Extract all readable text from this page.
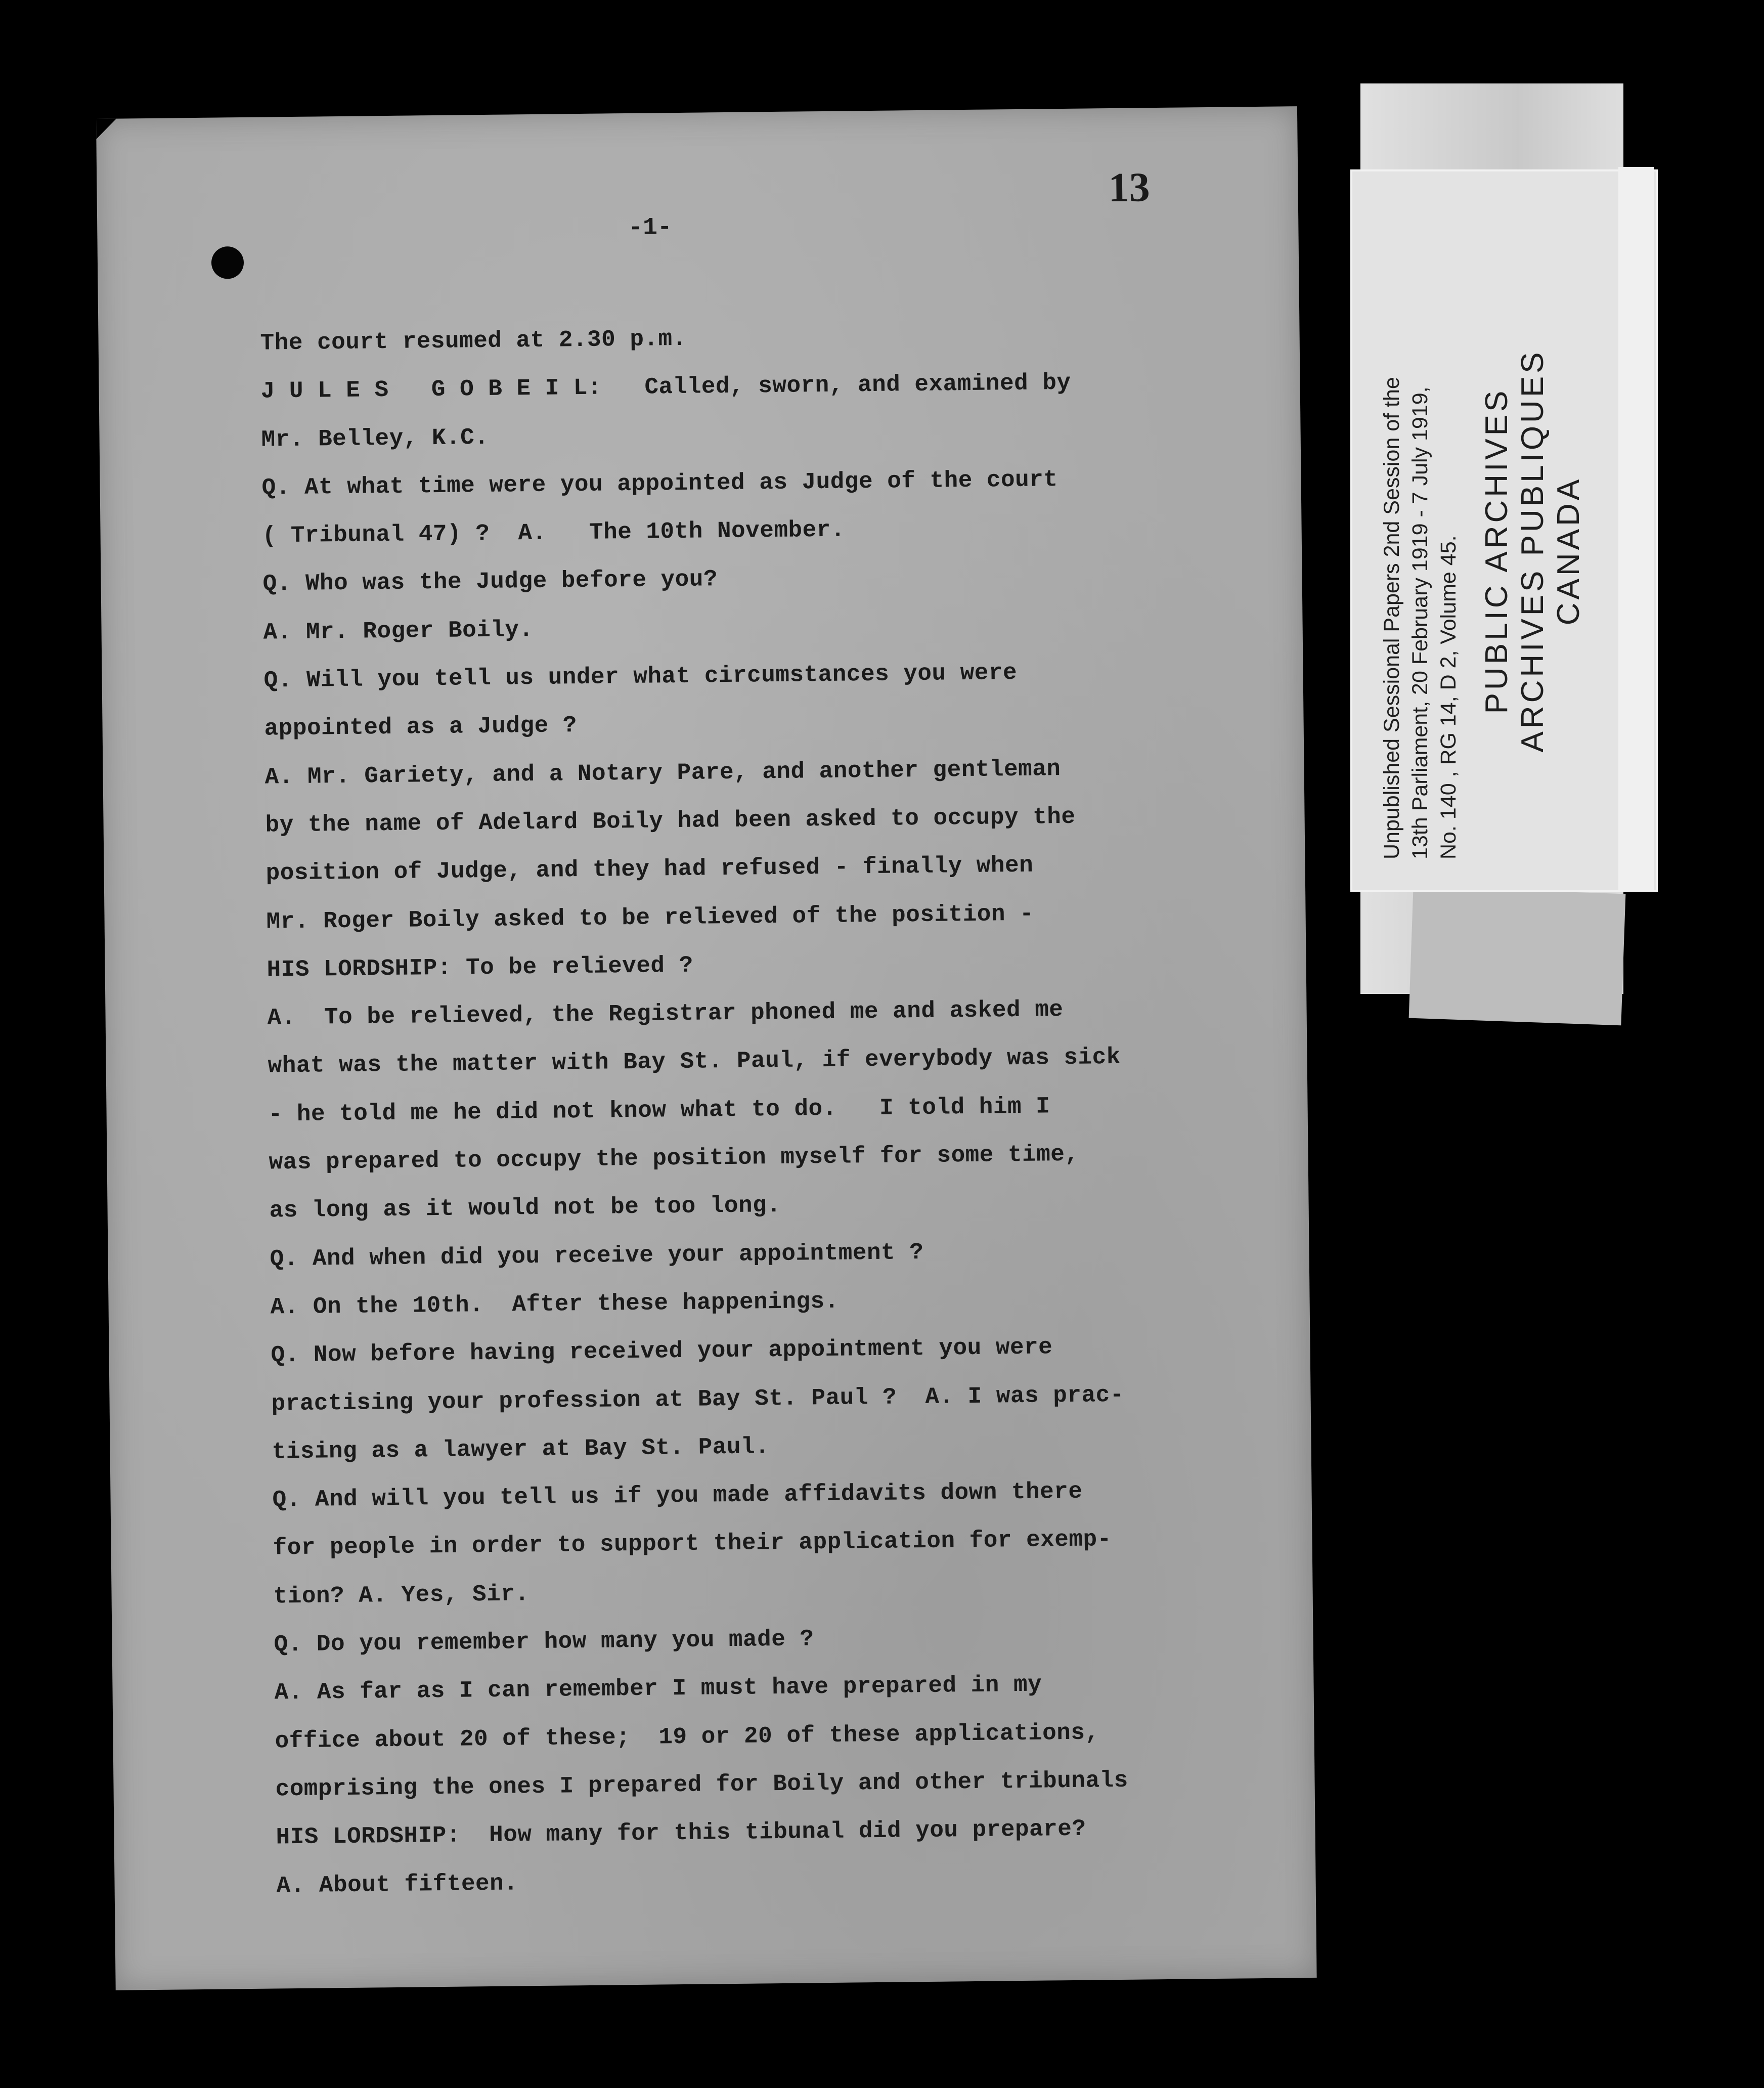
13
-1-
The court resumed at 2.30 p.m.
J U L E S   G O B E I L:   Called, sworn, and examined by
Mr. Belley, K.C.
Q. At what time were you appointed as Judge of the court
( Tribunal 47) ?  A.   The 10th November.
Q. Who was the Judge before you?
A. Mr. Roger Boily.
Q. Will you tell us under what circumstances you were
appointed as a Judge ?
A. Mr. Gariety, and a Notary Pare, and another gentleman
by the name of Adelard Boily had been asked to occupy the
position of Judge, and they had refused - finally when
Mr. Roger Boily asked to be relieved of the position -
HIS LORDSHIP: To be relieved ?
A.  To be relieved, the Registrar phoned me and asked me
what was the matter with Bay St. Paul, if everybody was sick
- he told me he did not know what to do.   I told him I
was prepared to occupy the position myself for some time,
as long as it would not be too long.
Q. And when did you receive your appointment ?
A. On the 10th.  After these happenings.
Q. Now before having received your appointment you were
practising your profession at Bay St. Paul ?  A. I was prac-
tising as a lawyer at Bay St. Paul.
Q. And will you tell us if you made affidavits down there
for people in order to support their application for exemp-
tion? A. Yes, Sir.
Q. Do you remember how many you made ?
A. As far as I can remember I must have prepared in my
office about 20 of these;  19 or 20 of these applications,
comprising the ones I prepared for Boily and other tribunals
HIS LORDSHIP:  How many for this tibunal did you prepare?
A. About fifteen.
Unpublished Sessional Papers 2nd Session of the 13th Parliament, 20 February 1919 - 7 July 1919, No. 140 , RG 14, D 2, Volume 45. PUBLIC ARCHIVES ARCHIVES PUBLIQUES CANADA
